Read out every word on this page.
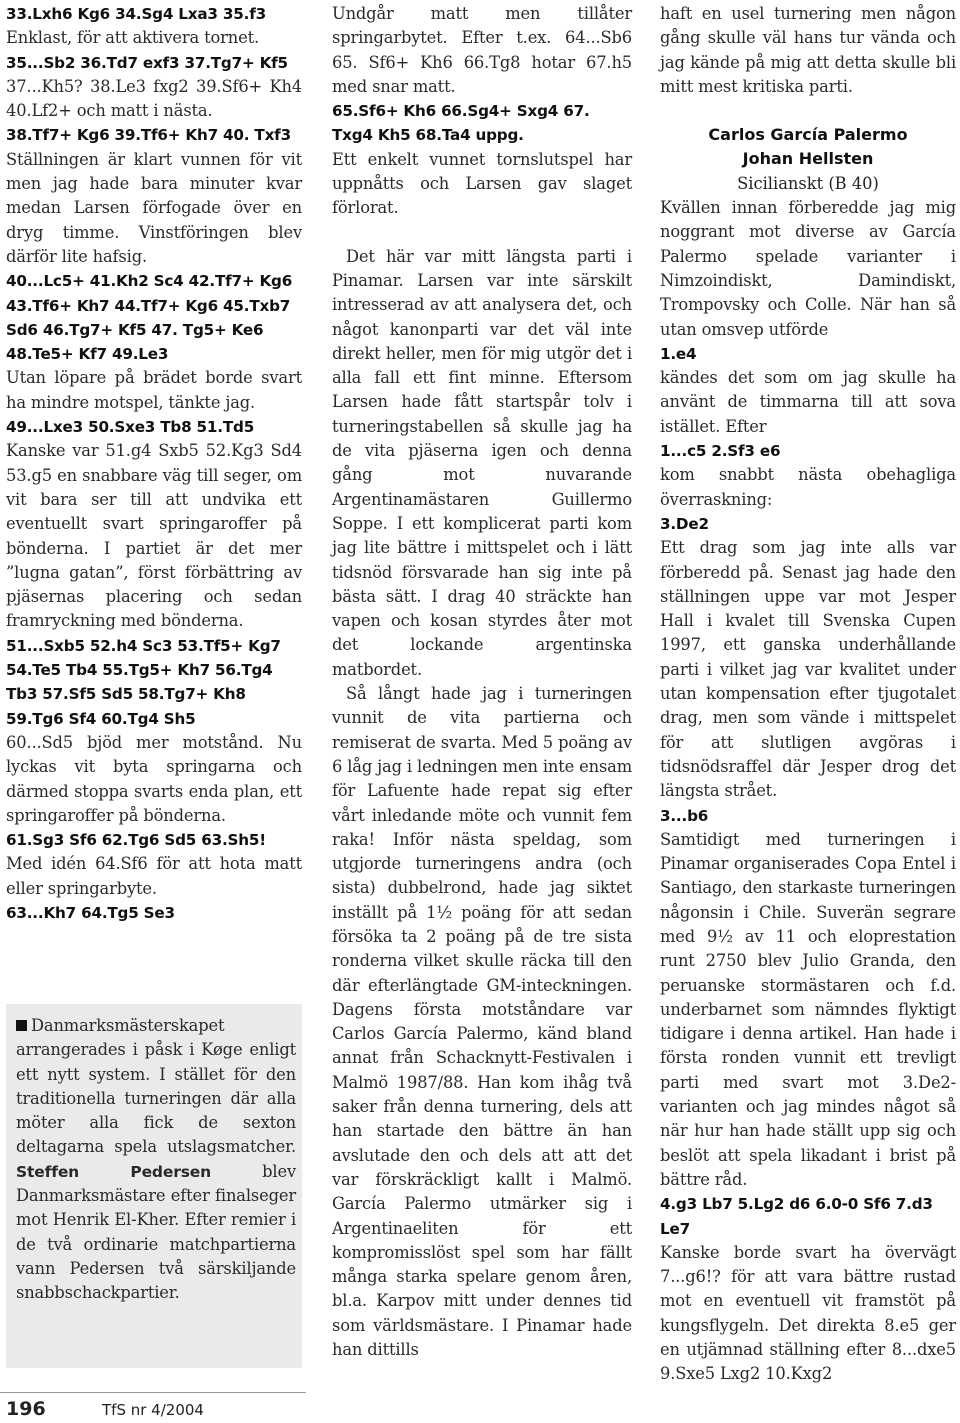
33.Lxh6 Kg6 34.Sg4 Lxa3 35.f3

Enklast, för att aktivera tornet.

35...Sb2 36.Td7 exf3 37.Tg7+ Kf5

37...Kh5? 38.Le3 fxg2 39.Sf6+ Kh4 40.Lf2+ och matt i nästa.

38.Tf7+ Kg6 39.Tf6+ Kh7 40. Txf3

Ställningen är klart vunnen för vit men jag hade bara minuter kvar medan Larsen förfogade över en dryg timme. Vinstföringen blev därför lite hafsig.

40...Lc5+ 41.Kh2 Sc4 42.Tf7+ Kg6 43.Tf6+ Kh7 44.Tf7+ Kg6 45.Txb7 Sd6 46.Tg7+ Kf5 47. Tg5+ Ke6 48.Te5+ Kf7 49.Le3

Utan löpare på brädet borde svart ha mindre motspel, tänkte jag.

49...Lxe3 50.Sxe3 Tb8 51.Td5

Kanske var 51.g4 Sxb5 52.Kg3 Sd4 53.g5 en snabbare väg till seger, om vit bara ser till att undvika ett eventuellt svart springaroffer på bönderna. I partiet är det mer ”lugna gatan”, först förbättring av pjäsernas placering och sedan framryckning med bönderna.

51...Sxb5 52.h4 Sc3 53.Tf5+ Kg7 54.Te5 Tb4 55.Tg5+ Kh7 56.Tg4 Tb3 57.Sf5 Sd5 58.Tg7+ Kh8 59.Tg6 Sf4 60.Tg4 Sh5

60...Sd5 bjöd mer motstånd. Nu lyckas vit byta springarna och därmed stoppa svarts enda plan, ett springaroffer på bönderna.

61.Sg3 Sf6 62.Tg6 Sd5 63.Sh5!

Med idén 64.Sf6 för att hota matt eller springarbyte.

63...Kh7 64.Tg5 Se3

Danmarksmästerskapet arrangerades i påsk i Køge enligt ett nytt system. I stället för den traditionella turneringen där alla möter alla fick de sexton deltagarna spela utslagsmatcher. Steffen Pedersen blev Danmarksmästare efter finalseger mot Henrik El-Kher. Efter remier i de två ordinarie matchpartierna vann Pedersen två särskiljande snabbschackpartier.

Undgår matt men tillåter springarbytet. Efter t.ex. 64...Sb6 65. Sf6+ Kh6 66.Tg8 hotar 67.h5 med snar matt.

65.Sf6+ Kh6 66.Sg4+ Sxg4 67. Txg4 Kh5 68.Ta4 uppg.

Ett enkelt vunnet tornslutspel har uppnåtts och Larsen gav slaget förlorat.

Det här var mitt längsta parti i Pinamar. Larsen var inte särskilt intresserad av att analysera det, och något kanonparti var det väl inte direkt heller, men för mig utgör det i alla fall ett fint minne. Eftersom Larsen hade fått startspår tolv i turneringstabellen så skulle jag ha de vita pjäserna igen och denna gång mot nuvarande Argentinamästaren Guillermo Soppe. I ett komplicerat parti kom jag lite bättre i mittspelet och i lätt tidsnöd försvarade han sig inte på bästa sätt. I drag 40 sträckte han vapen och kosan styrdes åter mot det lockande argentinska matbordet.

Så långt hade jag i turneringen vunnit de vita partierna och remiserat de svarta. Med 5 poäng av 6 låg jag i ledningen men inte ensam för Lafuente hade repat sig efter vårt inledande möte och vunnit fem raka! Inför nästa speldag, som utgjorde turneringens andra (och sista) dubbelrond, hade jag siktet inställt på 1½ poäng för att sedan försöka ta 2 poäng på de tre sista ronderna vilket skulle räcka till den där efterlängtade GM-inteckningen. Dagens första motståndare var Carlos García Palermo, känd bland annat från Schacknytt-Festivalen i Malmö 1987/88. Han kom ihåg två saker från denna turnering, dels att han startade den bättre än han avslutade den och dels att att det var förskräckligt kallt i Malmö. García Palermo utmärker sig i Argentinaeliten för ett kompromisslöst spel som har fällt många starka spelare genom åren, bl.a. Karpov mitt under dennes tid som världsmästare. I Pinamar hade han dittills

haft en usel turnering men någon gång skulle väl hans tur vända och jag kände på mig att detta skulle bli mitt mest kritiska parti.

Carlos García Palermo

Johan Hellsten

Sicilianskt (B 40)

Kvällen innan förberedde jag mig noggrant mot diverse av García Palermo spelade varianter i Nimzoindiskt, Damindiskt, Trompovsky och Colle. När han så utan omsvep utförde

1.e4

kändes det som om jag skulle ha använt de timmarna till att sova istället. Efter

1...c5 2.Sf3 e6

kom snabbt nästa obehagliga överraskning:

3.De2

Ett drag som jag inte alls var förberedd på. Senast jag hade den ställningen uppe var mot Jesper Hall i kvalet till Svenska Cupen 1997, ett ganska underhållande parti i vilket jag var kvalitet under utan kompensation efter tjugotalet drag, men som vände i mittspelet för att slutligen avgöras i tidsnödsraffel där Jesper drog det längsta strået.

3...b6

Samtidigt med turneringen i Pinamar organiserades Copa Entel i Santiago, den starkaste turneringen någonsin i Chile. Suverän segrare med 9½ av 11 och eloprestation runt 2750 blev Julio Granda, den peruanske stormästaren och f.d. underbarnet som nämndes flyktigt tidigare i denna artikel. Han hade i första ronden vunnit ett trevligt parti med svart mot 3.De2-varianten och jag mindes något så när hur han hade ställt upp sig och beslöt att spela likadant i brist på bättre råd.

4.g3 Lb7 5.Lg2 d6 6.0-0 Sf6 7.d3 Le7

Kanske borde svart ha övervägt 7...g6!? för att vara bättre rustad mot en eventuell vit framstöt på kungsflygeln. Det direkta 8.e5 ger en utjämnad ställning efter 8...dxe5 9.Sxe5 Lxg2 10.Kxg2

196	TfS nr 4/2004
